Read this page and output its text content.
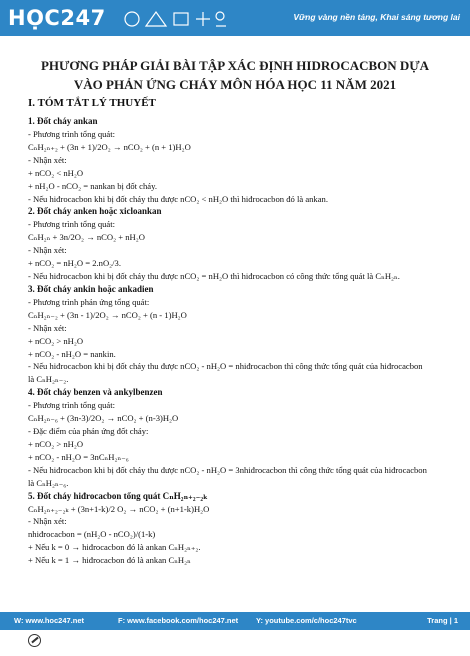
HỌC247	Vững vàng nền tảng, Khai sáng tương lai
PHƯƠNG PHÁP GIẢI BÀI TẬP XÁC ĐỊNH HIDROCACBON DỰA
VÀO PHẢN ỨNG CHÁY MÔN HÓA HỌC 11 NĂM 2021
I. TÓM TẮT LÝ THUYẾT
1. Đốt cháy ankan
- Phương trình tổng quát:
CₙH₂ₙ₊₂ + (3n + 1)/2O₂ → nCO₂ + (n + 1)H₂O
- Nhận xét:
+ nCO₂ < nH₂O
+ nH₂O - nCO₂ = nankan bị đốt cháy.
- Nếu hiđrocacbon khi bị đốt cháy thu được nCO₂ < nH₂O thì hiđrocacbon đó là ankan.
2. Đốt cháy anken hoặc xicloankan
- Phương trình tổng quát:
CₙH₂ₙ + 3n/2O₂ → nCO₂ + nH₂O
- Nhận xét:
+ nCO₂ = nH₂O = 2.nO₂/3.
- Nếu hiđrocacbon khi bị đốt cháy thu được nCO₂ = nH₂O thì hiđrocacbon có công thức tổng quát là CₙH₂ₙ.
3. Đốt cháy ankin hoặc ankadien
- Phương trình phản ứng tổng quát:
CₙH₂ₙ₋₂ + (3n - 1)/2O₂ → nCO₂ + (n - 1)H₂O
- Nhận xét:
+ nCO₂ > nH₂O
+ nCO₂ - nH₂O = nankin.
- Nếu hiđrocacbon khi bị đốt cháy thu được nCO₂ - nH₂O = nhiđrocacbon thì công thức tổng quát của hiđrocacbon
là CₙH₂ₙ₋₂.
4. Đốt cháy benzen và ankylbenzen
- Phương trình tổng quát:
CₙH₂ₙ₋₆ + (3n-3)/2O₂ → nCO₂ + (n-3)H₂O
- Đặc điểm của phản ứng đốt cháy:
+ nCO₂ > nH₂O
+ nCO₂ - nH₂O = 3nCₙH₂ₙ₋₆
- Nếu hiđrocacbon khi bị đốt cháy thu được nCO₂ - nH₂O = 3nhiđrocacbon thì công thức tổng quát của hiđrocacbon
là CₙH₂ₙ₋₆.
5. Đốt cháy hiđrocacbon tổng quát CₙH₂ₙ₊₂₋₂ₖ
CₙH₂ₙ₊₂₋₂ₖ + (3n+1-k)/2 O₂ → nCO₂ + (n+1-k)H₂O
- Nhận xét:
nhiđrocacbon = (nH₂O - nCO₂)/(1-k)
+ Nếu k = 0 → hiđrocacbon đó là ankan CₙH₂ₙ₊₂.
+ Nếu k = 1 → hiđrocacbon đó là ankan CₙH₂ₙ
W: www.hoc247.net	F: www.facebook.com/hoc247.net Y: youtube.com/c/hoc247tvc	Trang | 1
